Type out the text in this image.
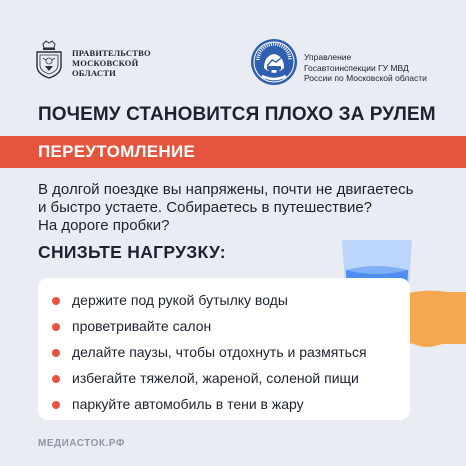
ПРАВИТЕЛЬСТВО
МОСКОВСКОЙ
ОБЛАСТИ
Управление
Госавтоинспекции ГУ МВД
России по Московской области
ПОЧЕМУ СТАНОВИТСЯ ПЛОХО ЗА РУЛЕМ
ПЕРЕУТОМЛЕНИЕ
В долгой поездке вы напряжены, почти не двигаетесь
и быстро устаете. Собираетесь в путешествие?
На дороге пробки?
СНИЗЬТЕ НАГРУЗКУ:
держите под рукой бутылку воды
проветривайте салон
делайте паузы, чтобы отдохнуть и размяться
избегайте тяжелой, жареной, соленой пищи
паркуйте автомобиль в тени в жару
МЕДИАСТОК.РФ
